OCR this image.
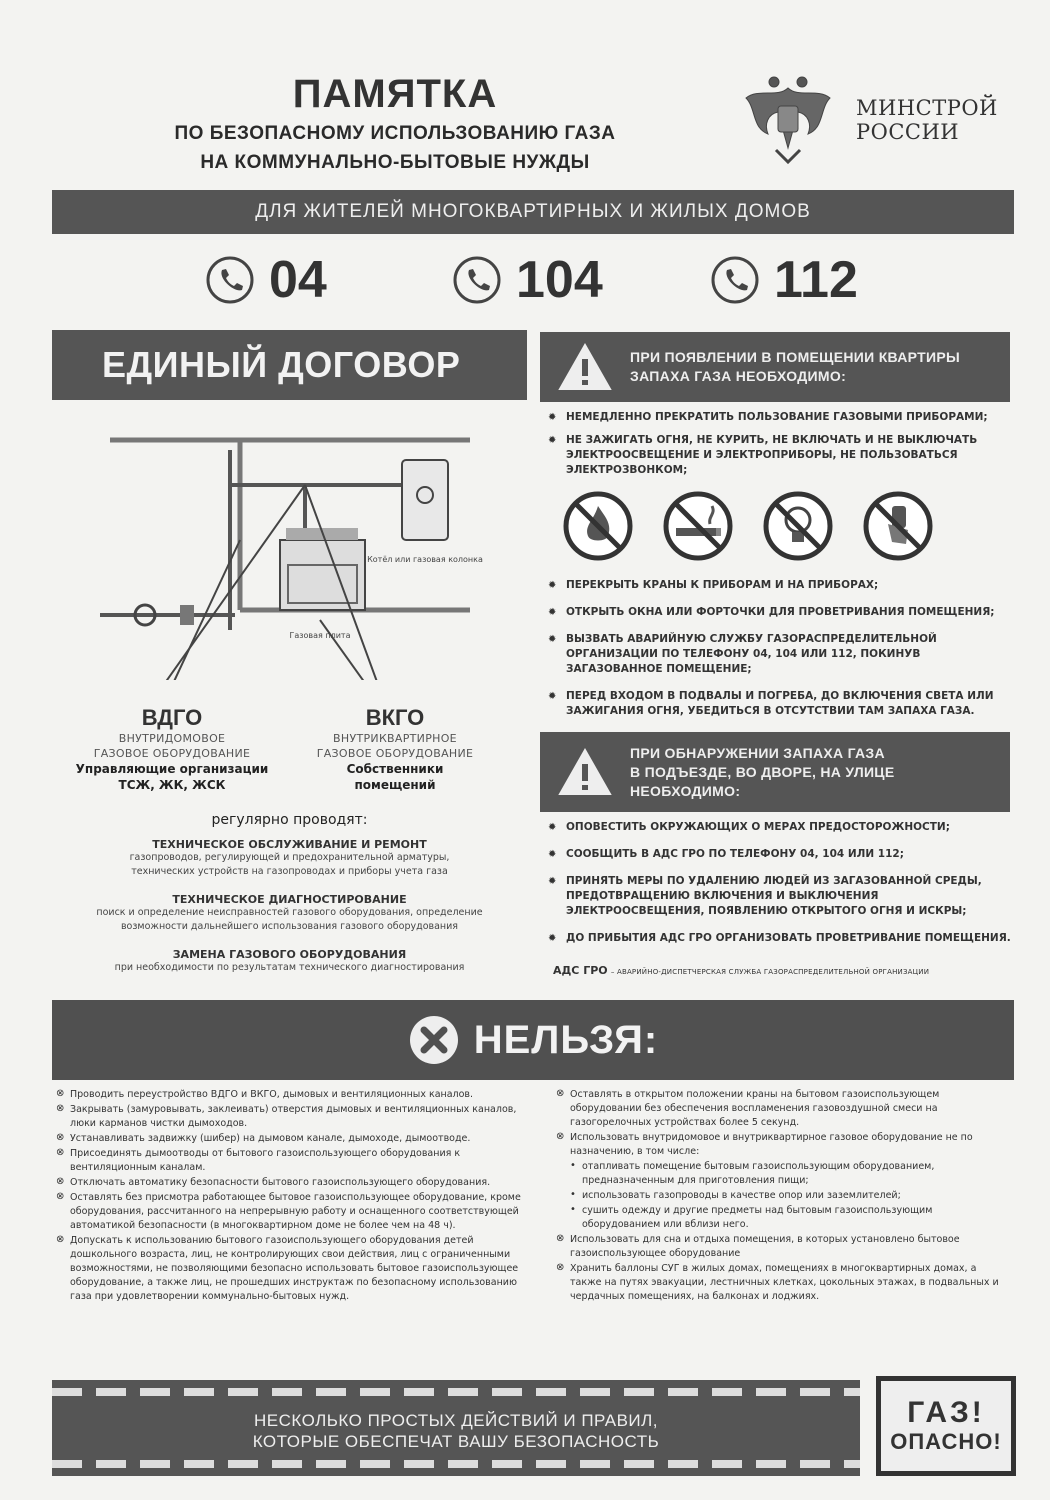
ПАМЯТКА
ПО БЕЗОПАСНОМУ ИСПОЛЬЗОВАНИЮ ГАЗА
НА КОММУНАЛЬНО-БЫТОВЫЕ НУЖДЫ
МИНСТРОЙ
РОССИИ
ДЛЯ ЖИТЕЛЕЙ МНОГОКВАРТИРНЫХ И ЖИЛЫХ ДОМОВ
04	104	112
ЕДИНЫЙ ДОГОВОР
Котёл или газовая колонка
Газовая плита
ВДГО
ВНУТРИДОМОВОЕ
ГАЗОВОЕ ОБОРУДОВАНИЕ
Управляющие организации
ТСЖ, ЖК, ЖСК
ВКГО
ВНУТРИКВАРТИРНОЕ
ГАЗОВОЕ ОБОРУДОВАНИЕ
Собственники
помещений
регулярно проводят:
ТЕХНИЧЕСКОЕ ОБСЛУЖИВАНИЕ И РЕМОНТ
газопроводов, регулирующей и предохранительной арматуры,
технических устройств на газопроводах и приборы учета газа
ТЕХНИЧЕСКОЕ ДИАГНОСТИРОВАНИЕ
поиск и определение неисправностей газового оборудования, определение
возможности дальнейшего использования газового оборудования
ЗАМЕНА ГАЗОВОГО ОБОРУДОВАНИЯ
при необходимости по результатам технического диагностирования
ПРИ ПОЯВЛЕНИИ В ПОМЕЩЕНИИ КВАРТИРЫ
ЗАПАХА ГАЗА НЕОБХОДИМО:
✹ НЕМЕДЛЕННО ПРЕКРАТИТЬ ПОЛЬЗОВАНИЕ ГАЗОВЫМИ ПРИБОРАМИ;
✹ НЕ ЗАЖИГАТЬ ОГНЯ, НЕ КУРИТЬ, НЕ ВКЛЮЧАТЬ И НЕ ВЫКЛЮЧАТЬ ЭЛЕКТРООСВЕЩЕНИЕ И ЭЛЕКТРОПРИБОРЫ, НЕ ПОЛЬЗОВАТЬСЯ ЭЛЕКТРОЗВОНКОМ;
✹ ПЕРЕКРЫТЬ КРАНЫ К ПРИБОРАМ И НА ПРИБОРАХ;
✹ ОТКРЫТЬ ОКНА ИЛИ ФОРТОЧКИ ДЛЯ ПРОВЕТРИВАНИЯ ПОМЕЩЕНИЯ;
✹ ВЫЗВАТЬ АВАРИЙНУЮ СЛУЖБУ ГАЗОРАСПРЕДЕЛИТЕЛЬНОЙ ОРГАНИЗАЦИИ ПО ТЕЛЕФОНУ 04, 104 ИЛИ 112, ПОКИНУВ ЗАГАЗОВАННОЕ ПОМЕЩЕНИЕ;
✹ ПЕРЕД ВХОДОМ В ПОДВАЛЫ И ПОГРЕБА, ДО ВКЛЮЧЕНИЯ СВЕТА ИЛИ ЗАЖИГАНИЯ ОГНЯ, УБЕДИТЬСЯ В ОТСУТСТВИИ ТАМ ЗАПАХА ГАЗА.
ПРИ ОБНАРУЖЕНИИ ЗАПАХА ГАЗА
В ПОДЪЕЗДЕ, ВО ДВОРЕ, НА УЛИЦЕ
НЕОБХОДИМО:
✹ ОПОВЕСТИТЬ ОКРУЖАЮЩИХ О МЕРАХ ПРЕДОСТОРОЖНОСТИ;
✹ СООБЩИТЬ В АДС ГРО ПО ТЕЛЕФОНУ 04, 104 ИЛИ 112;
✹ ПРИНЯТЬ МЕРЫ ПО УДАЛЕНИЮ ЛЮДЕЙ ИЗ ЗАГАЗОВАННОЙ СРЕДЫ, ПРЕДОТВРАЩЕНИЮ ВКЛЮЧЕНИЯ И ВЫКЛЮЧЕНИЯ ЭЛЕКТРООСВЕЩЕНИЯ, ПОЯВЛЕНИЮ ОТКРЫТОГО ОГНЯ И ИСКРЫ;
✹ ДО ПРИБЫТИЯ АДС ГРО ОРГАНИЗОВАТЬ ПРОВЕТРИВАНИЕ ПОМЕЩЕНИЯ.
АДС ГРО – АВАРИЙНО-ДИСПЕТЧЕРСКАЯ СЛУЖБА ГАЗОРАСПРЕДЕЛИТЕЛЬНОЙ ОРГАНИЗАЦИИ
НЕЛЬЗЯ:
⊗ Проводить переустройство ВДГО и ВКГО, дымовых и вентиляционных каналов.
⊗ Закрывать (замуровывать, заклеивать) отверстия дымовых и вентиляционных каналов, люки карманов чистки дымоходов.
⊗ Устанавливать задвижку (шибер) на дымовом канале, дымоходе, дымоотводе.
⊗ Присоединять дымоотводы от бытового газоиспользующего оборудования к вентиляционным каналам.
⊗ Отключать автоматику безопасности бытового газоиспользующего оборудования.
⊗ Оставлять без присмотра работающее бытовое газоиспользующее оборудование, кроме оборудования, рассчитанного на непрерывную работу и оснащенного соответствующей автоматикой безопасности (в многоквартирном доме не более чем на 48 ч).
⊗ Допускать к использованию бытового газоиспользующего оборудования детей дошкольного возраста, лиц, не контролирующих свои действия, лиц с ограниченными возможностями, не позволяющими безопасно использовать бытовое газоиспользующее оборудование, а также лиц, не прошедших инструктаж по безопасному использованию газа при удовлетворении коммунально-бытовых нужд.
⊗ Оставлять в открытом положении краны на бытовом газоиспользующем оборудовании без обеспечения воспламенения газовоздушной смеси на газогорелочных устройствах более 5 секунд.
⊗ Использовать внутридомовое и внутриквартирное газовое оборудование не по назначению, в том числе:
• отапливать помещение бытовым газоиспользующим оборудованием, предназначенным для приготовления пищи;
• использовать газопроводы в качестве опор или заземлителей;
• сушить одежду и другие предметы над бытовым газоиспользующим оборудованием или вблизи него.
⊗ Использовать для сна и отдыха помещения, в которых установлено бытовое газоиспользующее оборудование
⊗ Хранить баллоны СУГ в жилых домах, помещениях в многоквартирных домах, а также на путях эвакуации, лестничных клетках, цокольных этажах, в подвальных и чердачных помещениях, на балконах и лоджиях.
НЕСКОЛЬКО ПРОСТЫХ ДЕЙСТВИЙ И ПРАВИЛ,
КОТОРЫЕ ОБЕСПЕЧАТ ВАШУ БЕЗОПАСНОСТЬ
ГАЗ!
ОПАСНО!
